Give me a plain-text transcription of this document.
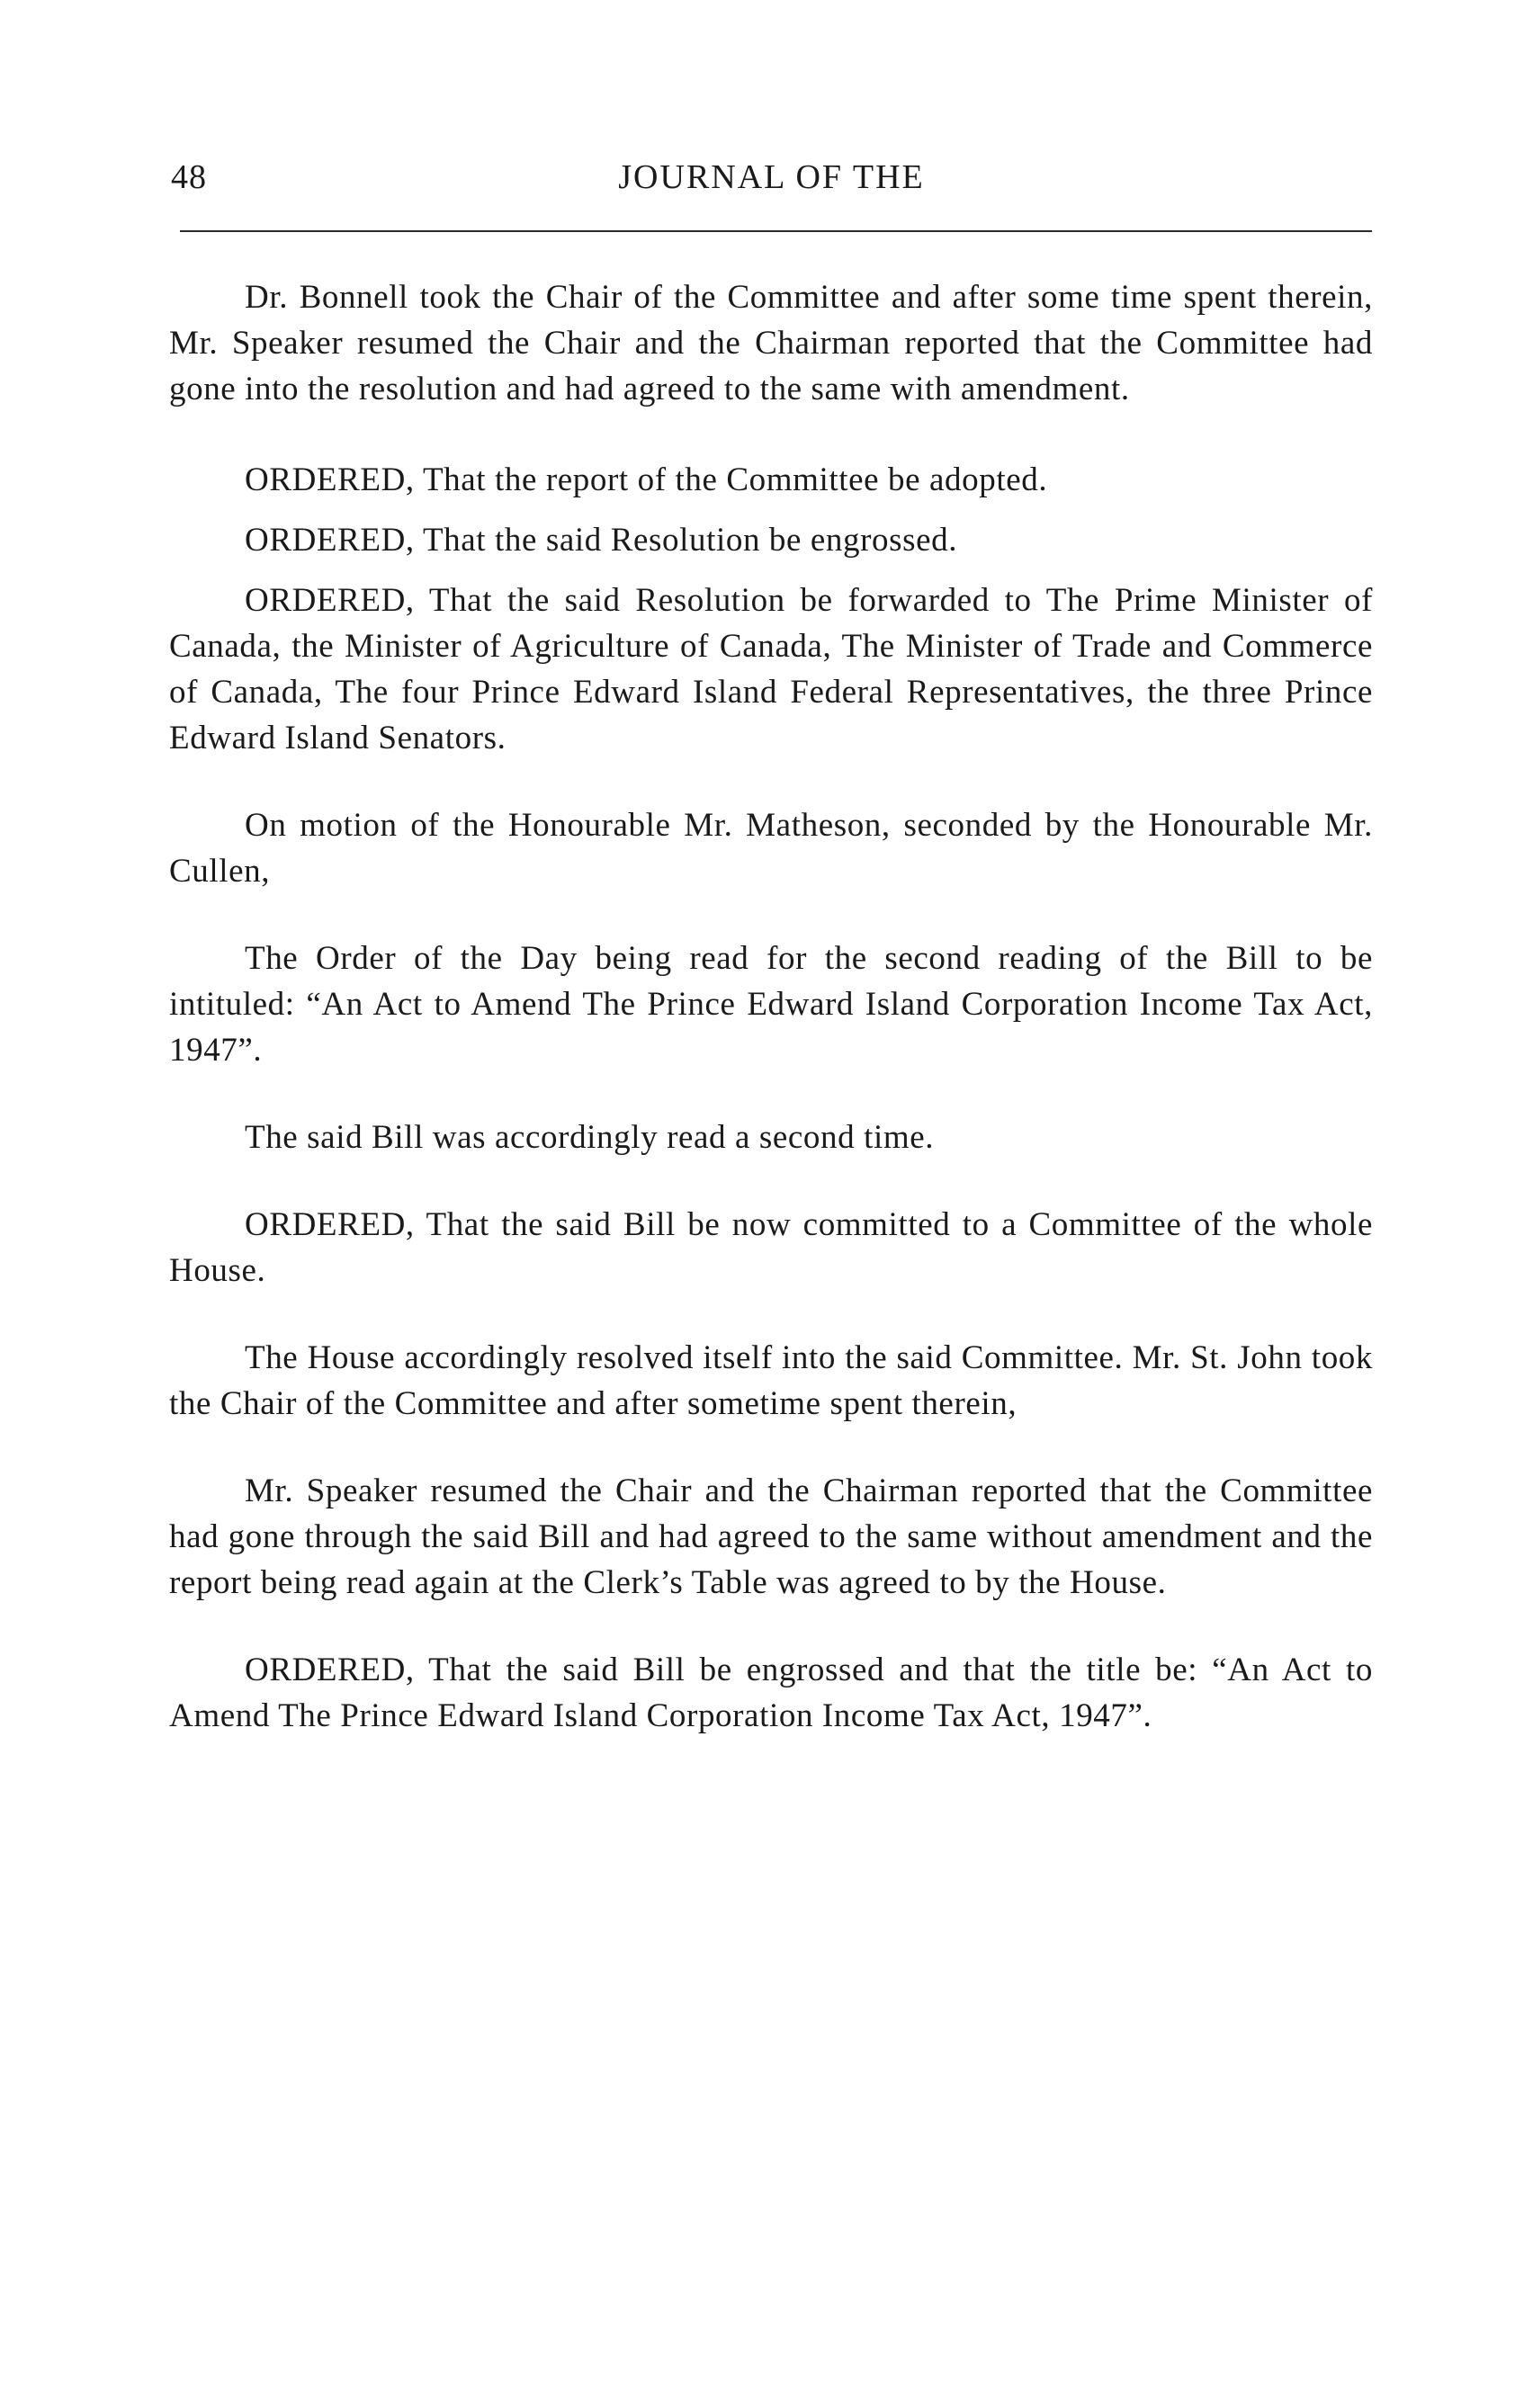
48	JOURNAL OF THE

Dr. Bonnell took the Chair of the Committee and after some time spent therein, Mr. Speaker resumed the Chair and the Chairman reported that the Committee had gone into the resolution and had agreed to the same with amendment.

ORDERED, That the report of the Committee be adopted.

ORDERED, That the said Resolution be engrossed.

ORDERED, That the said Resolution be forwarded to The Prime Minister of Canada, the Minister of Agriculture of Canada, The Minister of Trade and Commerce of Canada, The four Prince Edward Island Federal Representatives, the three Prince Edward Island Senators.

On motion of the Honourable Mr. Matheson, seconded by the Honourable Mr. Cullen,

The Order of the Day being read for the second reading of the Bill to be intituled: “An Act to Amend The Prince Edward Island Corporation Income Tax Act, 1947”.

The said Bill was accordingly read a second time.

ORDERED, That the said Bill be now committed to a Committee of the whole House.

The House accordingly resolved itself into the said Committee. Mr. St. John took the Chair of the Committee and after sometime spent therein,

Mr. Speaker resumed the Chair and the Chairman reported that the Committee had gone through the said Bill and had agreed to the same without amendment and the report being read again at the Clerk’s Table was agreed to by the House.

ORDERED, That the said Bill be engrossed and that the title be: “An Act to Amend The Prince Edward Island Corporation Income Tax Act, 1947”.
